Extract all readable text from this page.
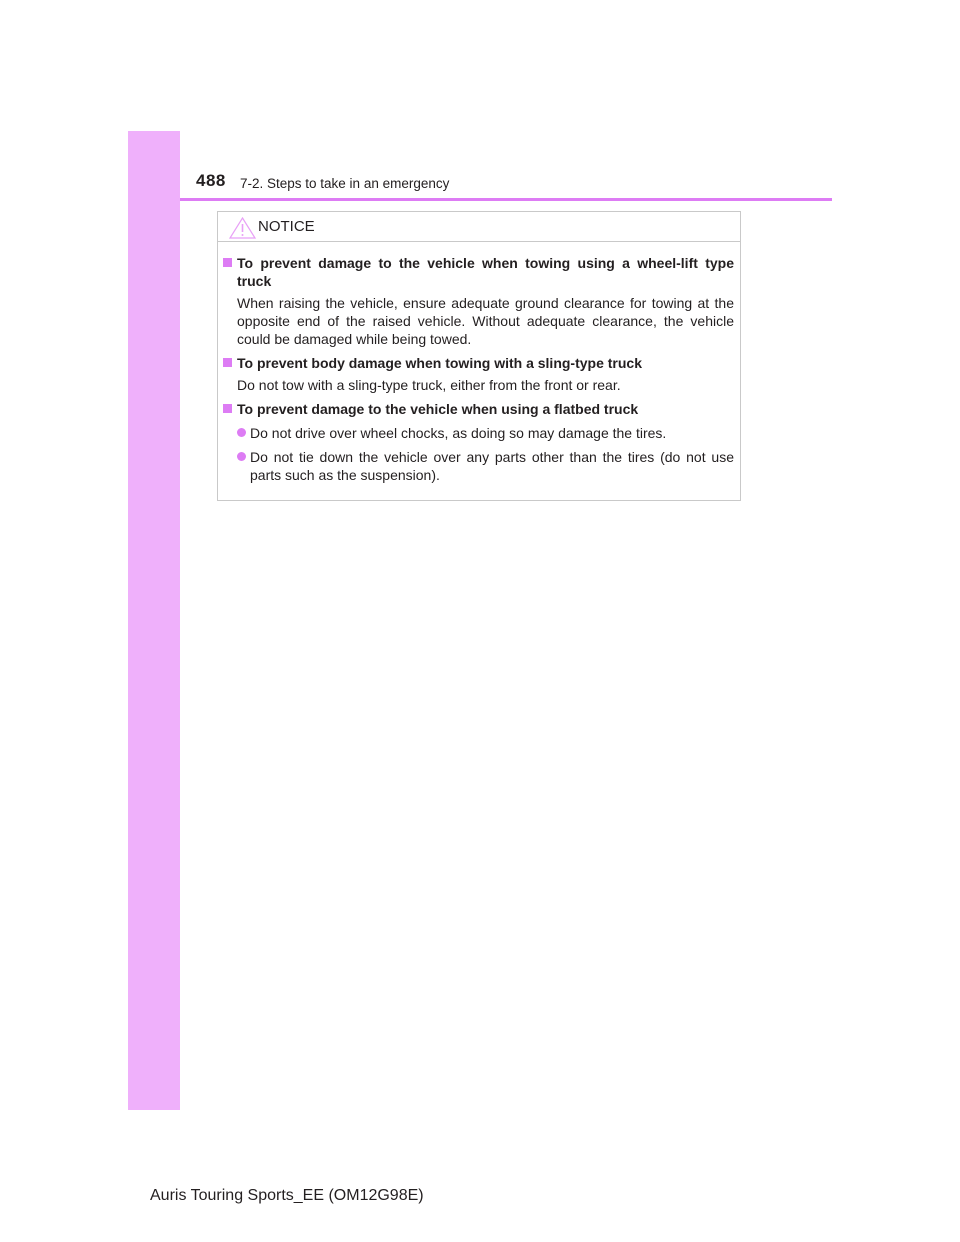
488 7-2. Steps to take in an emergency
NOTICE
To prevent damage to the vehicle when towing using a wheel-lift type truck
When raising the vehicle, ensure adequate ground clearance for towing at the opposite end of the raised vehicle. Without adequate clearance, the vehicle could be damaged while being towed.
To prevent body damage when towing with a sling-type truck
Do not tow with a sling-type truck, either from the front or rear.
To prevent damage to the vehicle when using a flatbed truck
Do not drive over wheel chocks, as doing so may damage the tires.
Do not tie down the vehicle over any parts other than the tires (do not use parts such as the suspension).
Auris Touring Sports_EE (OM12G98E)
